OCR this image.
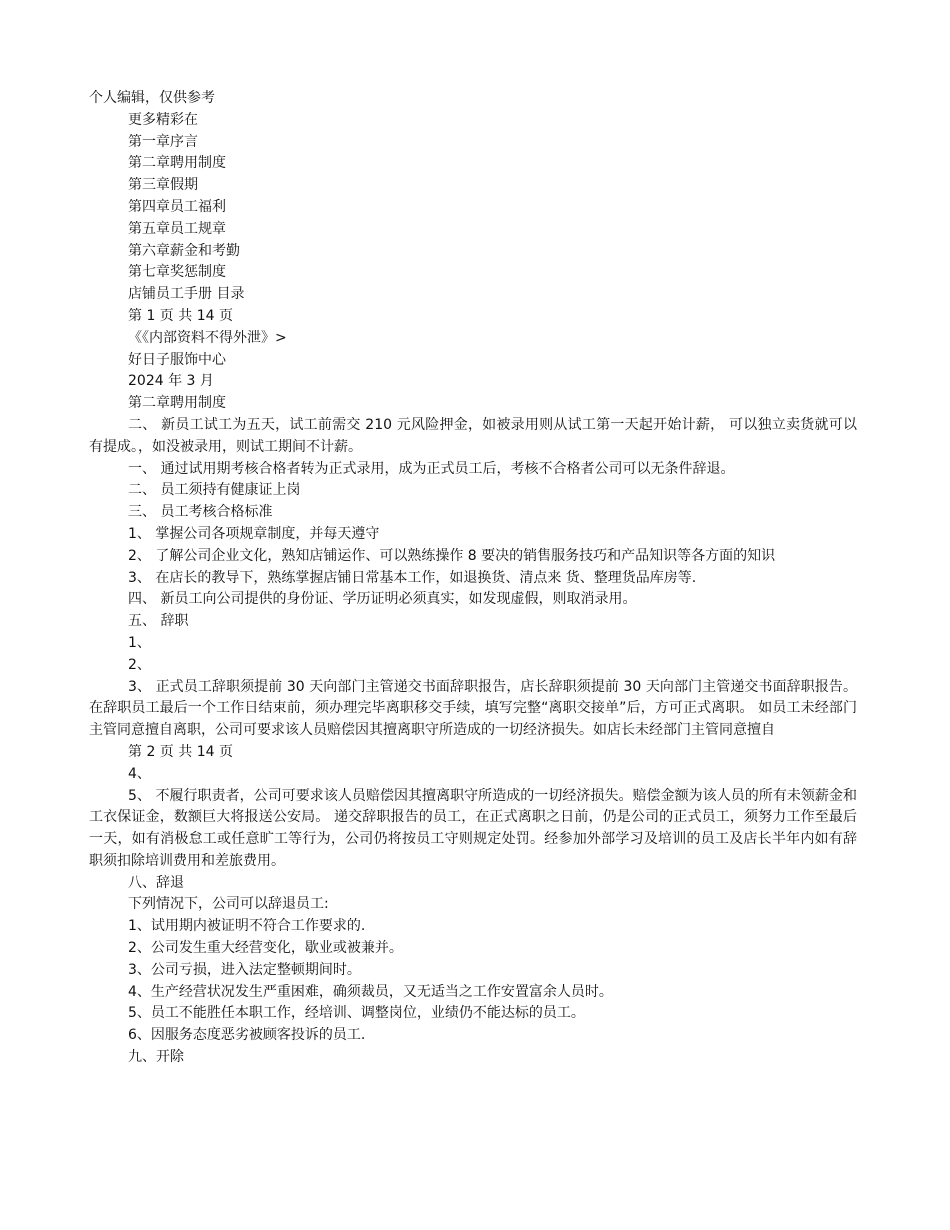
个人编辑，仅供参考
更多精彩在
第一章序言
第二章聘用制度
第三章假期
第四章员工福利
第五章员工规章
第六章薪金和考勤
第七章奖惩制度
店铺员工手册 目录
第 1 页 共 14 页
《《内部资料不得外泄》>
好日子服饰中心
2024 年 3 月
第二章聘用制度

二、 新员工试工为五天，试工前需交 210 元风险押金，如被录用则从试工第一天起开始计薪， 可以独立卖货就可以有提成。，如没被录用，则试工期间不计薪。

一、 通过试用期考核合格者转为正式录用，成为正式员工后，考核不合格者公司可以无条件辞退。

二、 员工须持有健康证上岗
三、 员工考核合格标准
1、 掌握公司各项规章制度，并每天遵守

2、 了解公司企业文化，熟知店铺运作、可以熟练操作 8 要决的销售服务技巧和产品知识等各方面的知识

3、 在店长的教导下，熟练掌握店铺日常基本工作，如退换货、清点来 货、整理货品库房等.

四、 新员工向公司提供的身份证、学历证明必须真实，如发现虚假，则取消录用。

五、 辞职
1、
2、

3、 正式员工辞职须提前 30 天向部门主管递交书面辞职报告，店长辞职须提前 30 天向部门主管递交书面辞职报告。 在辞职员工最后一个工作日结束前，须办理完毕离职移交手续，填写完整“离职交接单”后，方可正式离职。 如员工未经部门主管同意擅自离职，公司可要求该人员赔偿因其擅离职守所造成的一切经济损失。如店长未经部门主管同意擅自

第 2 页 共 14 页
4、

5、 不履行职责者，公司可要求该人员赔偿因其擅离职守所造成的一切经济损失。赔偿金额为该人员的所有未领薪金和工衣保证金，数额巨大将报送公安局。 递交辞职报告的员工，在正式离职之日前，仍是公司的正式员工，须努力工作至最后一天，如有消极怠工或任意旷工等行为，公司仍将按员工守则规定处罚。经参加外部学习及培训的员工及店长半年内如有辞职须扣除培训费用和差旅费用。

八、辞退
下列情况下，公司可以辞退员工:
1、试用期内被证明不符合工作要求的.
2、公司发生重大经营变化，歇业或被兼并。
3、公司亏损，进入法定整顿期间时。
4、生产经营状况发生严重困难，确须裁员，又无适当之工作安置富余人员时。
5、员工不能胜任本职工作，经培训、调整岗位，业绩仍不能达标的员工。
6、因服务态度恶劣被顾客投诉的员工.
九、开除
